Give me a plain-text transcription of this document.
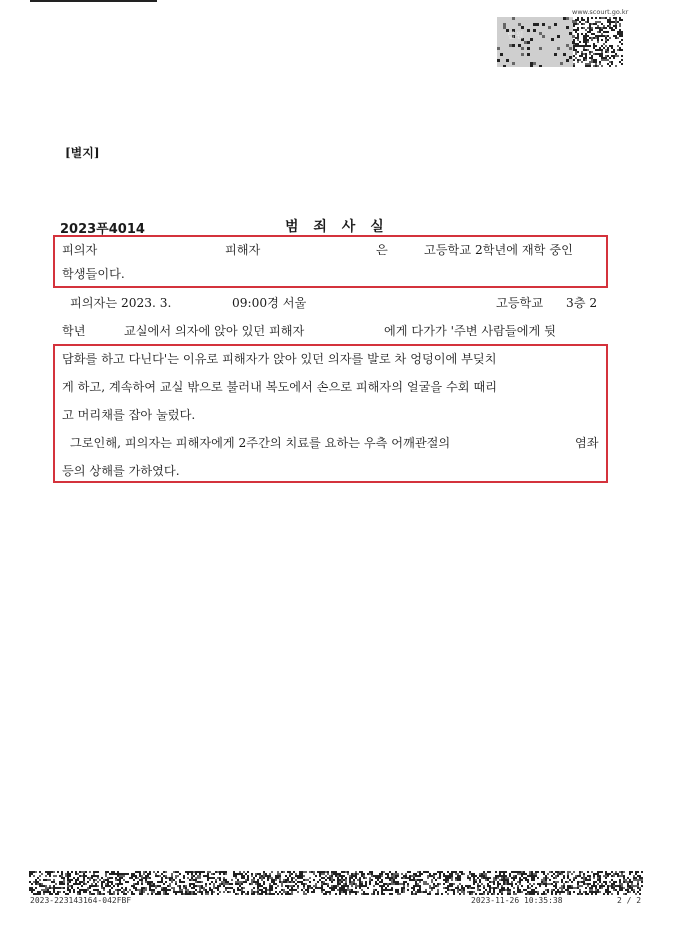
www.scourt.go.kr
법원
[별지]
2023푸4014	범 죄 사 실
피의자	피해자	은	고등학교 2학년에 재학 중인
학생들이다.
피의자는 2023. 3.	09:00경 서울	고등학교 3층 2
학년	교실에서 의자에 앉아 있던 피해자	에게 다가가 '주변 사람들에게 뒷
담화를 하고 다닌다'는 이유로 피해자가 앉아 있던 의자를 발로 차 엉덩이에 부딪치
게 하고, 계속하여 교실 밖으로 불러내 복도에서 손으로 피해자의 얼굴을 수회 때리
고 머리채를 잡아 눌렀다.
그로인해, 피의자는 피해자에게 2주간의 치료를 요하는 우측 어깨관절의	염좌
등의 상해를 가하였다.
2023-223143164-042FBF	2023-11-26 10:35:38	2 / 2
